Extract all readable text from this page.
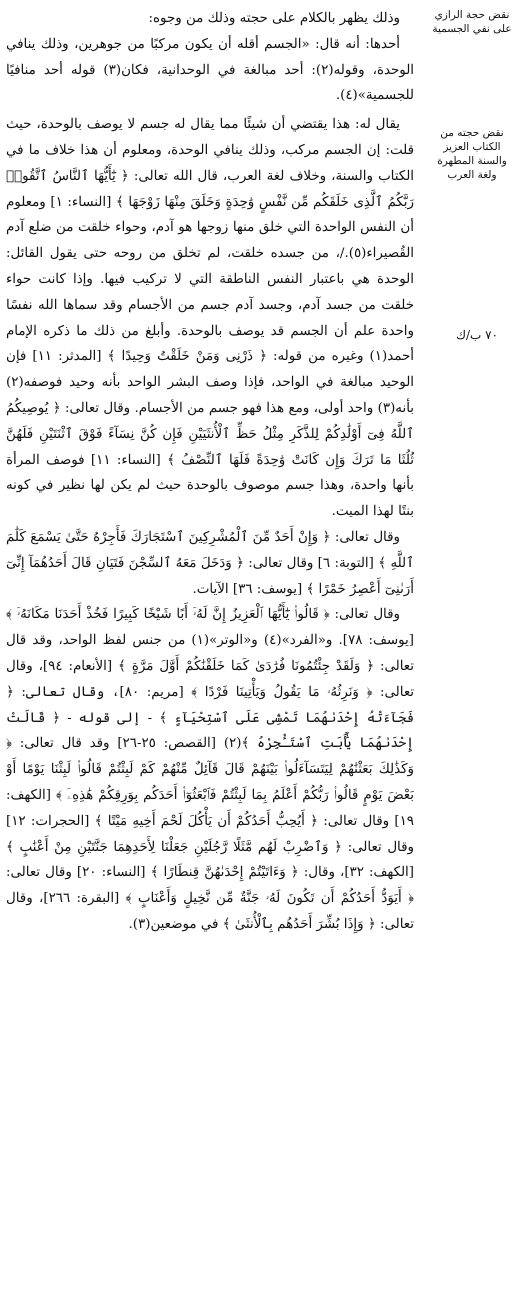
نقض حجة الرازي على نفي الجسمية
نقض حجته من الكتاب العزيز والسنة المطهرة ولغة العرب
٧٠ ب/ك

وذلك يظهر بالكلام على حجته وذلك من وجوه:

أحدها: أنه قال: «الجسم أقله أن يكون مركبًا من جوهرين، وذلك ينافي الوحدة، وقوله(٢): أحد مبالغة في الوحدانية، فكان(٣) قوله أحد منافيًا للجسمية»(٤).

يقال له: هذا يقتضي أن شيئًا مما يقال له جسم لا يوصف بالوحدة، حيث قلت: إن الجسم مركب، وذلك ينافي الوحدة، ومعلوم أن هذا خلاف ما في الكتاب والسنة، وخلاف لغة العرب، قال الله تعالى: ﴿ يَٰٓأَيُّهَا ٱلنَّاسُ ٱتَّقُوا۟ رَبَّكُمُ ٱلَّذِى خَلَقَكُم مِّن نَّفْسٍ وَٰحِدَةٍ وَخَلَقَ مِنْهَا زَوْجَهَا ﴾ [النساء: ١] ومعلوم أن النفس الواحدة التي خلق منها زوجها هو آدم، وحواء خلقت من ضلع آدم القُصيراء(٥)./، من جسده خلقت، لم تخلق من روحه حتى يقول القائل: الوحدة هي باعتبار النفس الناطقة التي لا تركيب فيها. وإذا كانت حواء خلقت من جسد آدم، وجسد آدم جسم من الأجسام وقد سماها الله نفسًا واحدة علم أن الجسم قد يوصف بالوحدة. وأبلغ من ذلك ما ذكره الإمام أحمد(١) وغيره من قوله: ﴿ ذَرْنِى وَمَنْ خَلَقْتُ وَحِيدًا ﴾ [المدثر: ١١] فإن الوحيد مبالغة في الواحد، فإذا وصف البشر الواحد بأنه وحيد فوصفه(٢) بأنه(٣) واحد أولى، ومع هذا فهو جسم من الأجسام. وقال تعالى: ﴿ يُوصِيكُمُ ٱللَّهُ فِىٓ أَوْلَٰدِكُمْ لِلذَّكَرِ مِثْلُ حَظِّ ٱلْأُنثَيَيْنِ فَإِن كُنَّ نِسَآءً فَوْقَ ٱثْنَتَيْنِ فَلَهُنَّ ثُلُثَا مَا تَرَكَ وَإِن كَانَتْ وَٰحِدَةً فَلَهَا ٱلنِّصْفُ ﴾ [النساء: ١١] فوصف المرأة بأنها واحدة، وهذا جسم موصوف بالوحدة حيث لم يكن لها نظير في كونه بنتًا لهذا الميت.

وقال تعالى: ﴿ وَإِنْ أَحَدٌ مِّنَ ٱلْمُشْرِكِينَ ٱسْتَجَارَكَ فَأَجِرْهُ حَتَّىٰ يَسْمَعَ كَلَٰمَ ٱللَّهِ ﴾ [التوبة: ٦] وقال تعالى: ﴿ وَدَخَلَ مَعَهُ ٱلسِّجْنَ فَتَيَانِ قَالَ أَحَدُهُمَآ إِنِّىٓ أَرَىٰنِىٓ أَعْصِرُ خَمْرًا ﴾ [يوسف: ٣٦] الآيات.

وقال تعالى: ﴿ قَالُوا۟ يَٰٓأَيُّهَا ٱلْعَزِيزُ إِنَّ لَهُۥٓ أَبًا شَيْخًا كَبِيرًا فَخُذْ أَحَدَنَا مَكَانَهُۥٓ ﴾ [يوسف: ٧٨]. و«الفرد»(٤) و«الوتر»(١) من جنس لفظ الواحد، وقد قال تعالى: ﴿ وَلَقَدْ جِئْتُمُونَا فُرَٰدَىٰ كَمَا خَلَقْنَٰكُمْ أَوَّلَ مَرَّةٍ ﴾ [الأنعام: ٩٤]، وقال تعالى: ﴿ وَنَرِثُهُۥ مَا يَقُولُ وَيَأْتِينَا فَرْدًا ﴾ [مريم: ٨٠]، وقال تعالى: ﴿ فَجَآءَتْهُ إِحْدَىٰهُمَا تَمْشِى عَلَى ٱسْتِحْيَآءٍ ﴾ - إلى قوله - ﴿ قَالَتْ إِحْدَىٰهُمَا يَٰٓأَبَتِ ٱسْتَـْٔجِرْهُ ﴾(٢) [القصص: ٢٥-٢٦] وقد قال تعالى: ﴿ وَكَذَٰلِكَ بَعَثْنَٰهُمْ لِيَتَسَآءَلُوا۟ بَيْنَهُمْ قَالَ قَآئِلٌ مِّنْهُمْ كَمْ لَبِثْتُمْ قَالُوا۟ لَبِثْنَا يَوْمًا أَوْ بَعْضَ يَوْمٍ قَالُوا۟ رَبُّكُمْ أَعْلَمُ بِمَا لَبِثْتُمْ فَٱبْعَثُوٓا۟ أَحَدَكُم بِوَرِقِكُمْ هَٰذِهِۦٓ ﴾ [الكهف: ١٩] وقال تعالى: ﴿ أَيُحِبُّ أَحَدُكُمْ أَن يَأْكُلَ لَحْمَ أَخِيهِ مَيْتًا ﴾ [الحجرات: ١٢] وقال تعالى: ﴿ وَٱضْرِبْ لَهُم مَّثَلًا رَّجُلَيْنِ جَعَلْنَا لِأَحَدِهِمَا جَنَّتَيْنِ مِنْ أَعْنَٰبٍ ﴾ [الكهف: ٣٢]، وقال: ﴿ وَءَاتَيْتُمْ إِحْدَىٰهُنَّ قِنطَارًا ﴾ [النساء: ٢٠] وقال تعالى: ﴿ أَيَوَدُّ أَحَدُكُمْ أَن تَكُونَ لَهُۥ جَنَّةٌ مِّن نَّخِيلٍ وَأَعْنَابٍ ﴾ [البقرة: ٢٦٦]، وقال تعالى: ﴿ وَإِذَا بُشِّرَ أَحَدُهُم بِٱلْأُنثَىٰ ﴾ في موضعين(٣).
